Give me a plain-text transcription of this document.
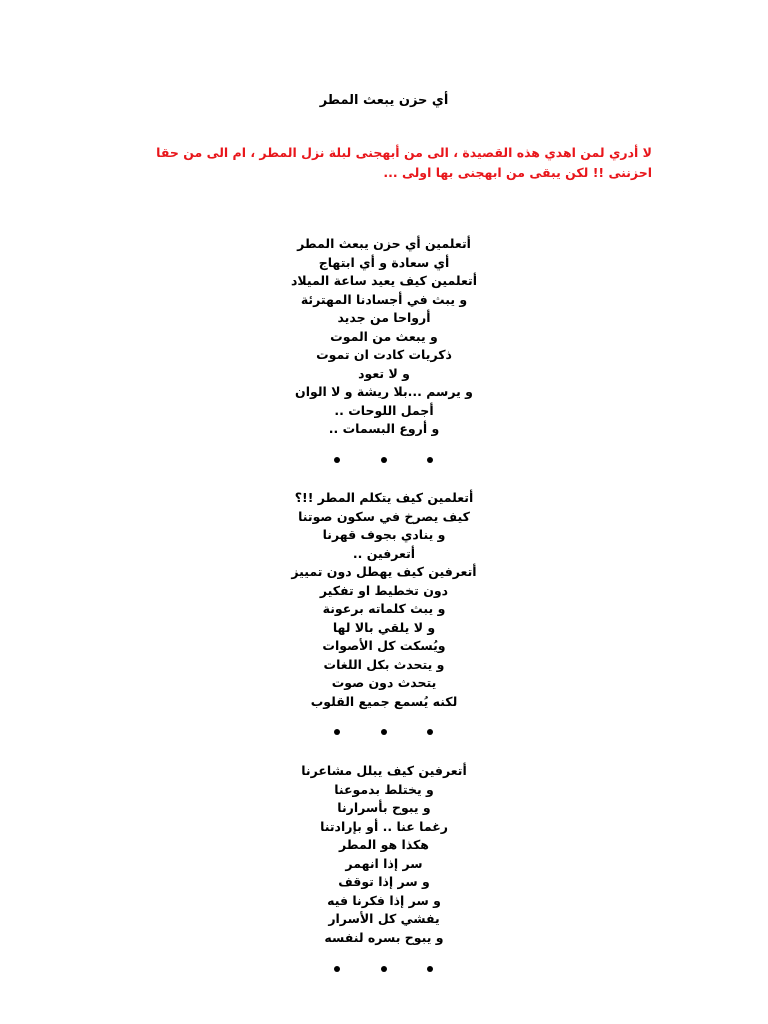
أي حزن يبعث المطر
لا أدري لمن اهدي هذه القصيدة ، الى من أبهجنى لبلة نزل المطر ، ام الى من حقا احزننى !! لكن يبقى من ابهجنى بها اولى ...
أتعلمين أي حزن يبعث المطر
أي سعادة و أي ابتهاج
أتعلمين كيف يعيد ساعة الميلاد
و يبث في أجسادنا المهترئة
أرواحا من جديد
و يبعث من الموت
ذكريات كادت ان تموت
و لا تعود
و يرسم ...بلا ريشة و لا الوان
أجمل اللوحات ..
و أروع البسمات ..
أتعلمين كيف يتكلم المطر !!؟
كيف يصرخ في سكون صوتنا
و ينادي بجوف قهرنا
أتعرفين ..
أتعرفين كيف يهطل دون تمييز
دون تخطيط او تفكير
و يبث كلماته برعونة
و لا يلقي بالا لها
ويُسكت كل الأصوات
و يتحدث بكل اللغات
يتحدث دون صوت
لكنه يُسمع جميع القلوب
أتعرفين كيف يبلل مشاعرنا
و يختلط بدموعنا
و يبوح بأسرارنا
رغما عنا .. أو بإرادتنا
هكذا هو المطر
سر إذا انهمر
و سر إذا توقف
و سر إذا فكرنا فيه
يفشي كل الأسرار
و يبوح بسره لنفسه
